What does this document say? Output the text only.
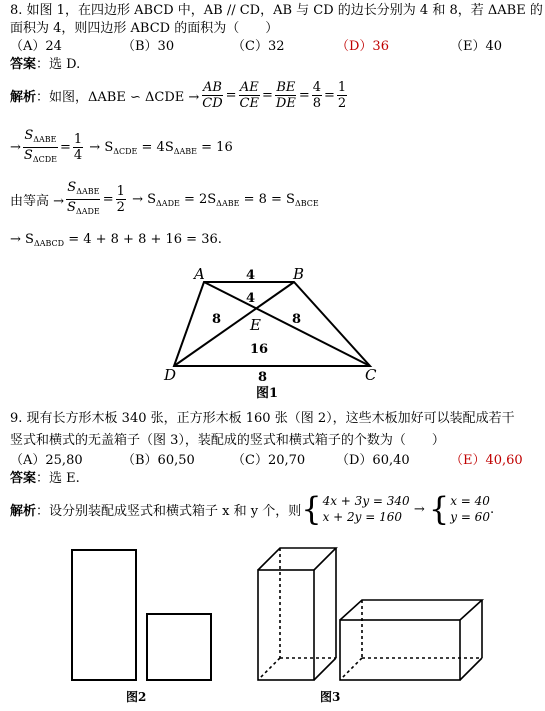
8. 如图 1，在四边形 ABCD 中，AB // CD，AB 与 CD 的边长分别为 4 和 8，若 ΔABE 的
面积为 4，则四边形 ABCD 的面积为（　　）
（A）24	（B）30	（C）32	（D）36	（E）40
答案：选 D.
解析 ：如图，ΔABE ∽ $\Delta CDE \to \frac{AB}{CD} = \frac{AE}{CE} = \frac{BE}{DE} = \frac{4}{8} = \frac{1}{2}$
→ $\frac{S_{\Delta ABE}}{S_{\Delta CDE}} = \frac{1}{4} \to S_{\Delta CDE} = 4S_{\Delta ABE} = 16$
由等高 → $\frac{S_{\Delta ABE}}{S_{\Delta ADE}} = \frac{1}{2} \to S_{\Delta ADE} = 2S_{\Delta ABE} = 8 = S_{\Delta BCE}$
→ $S_{\Delta ABCD} = 4 + 8 + 8 + 16 = 36$.
A	B
C
D
E
4
4
8	8
16
8
图1
9. 现有长方形木板 340 张，正方形木板 160 张（图 2），这些木板加好可以装配成若干
竖式和横式的无盖箱子（图 3），装配成的竖式和横式箱子的个数为（　　）
（A）25,80	（B）60,50	（C）20,70 （D）60,40	（E）40,60
答案：选 E.
解析 ：设分别装配成竖式和横式箱子 x 和 y 个，则 { 4x + 3y = 340
x + 2y = 160
→ { x = 40
y = 60
.
图2	图3
